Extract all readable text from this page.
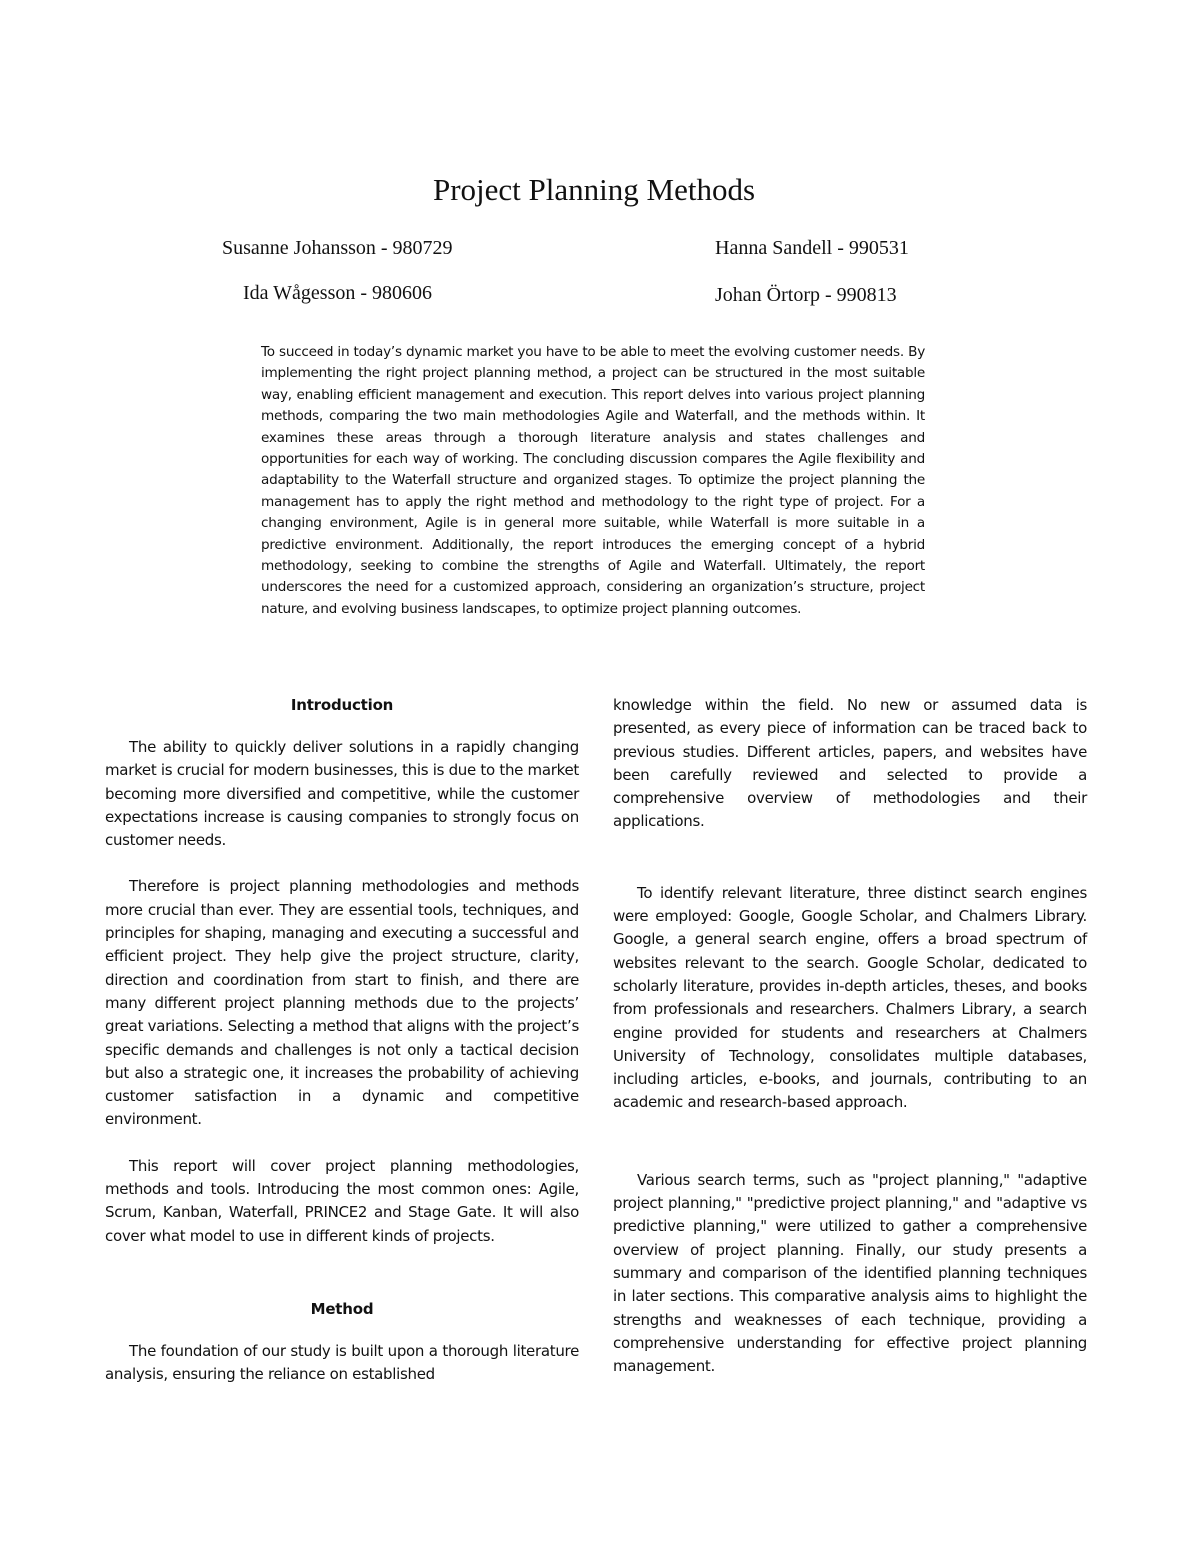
Project Planning Methods
Susanne Johansson - 980729	Hanna Sandell - 990531
Ida Wågesson - 980606	Johan Örtorp - 990813

To succeed in today’s dynamic market you have to be able to meet the evolving customer needs. By implementing the right project planning method, a project can be structured in the most suitable way, enabling efficient management and execution. This report delves into various project planning methods, comparing the two main methodologies Agile and Waterfall, and the methods within. It examines these areas through a thorough literature analysis and states challenges and opportunities for each way of working. The concluding discussion compares the Agile flexibility and adaptability to the Waterfall structure and organized stages. To optimize the project planning the management has to apply the right method and methodology to the right type of project. For a changing environment, Agile is in general more suitable, while Waterfall is more suitable in a predictive environment. Additionally, the report introduces the emerging concept of a hybrid methodology, seeking to combine the strengths of Agile and Waterfall. Ultimately, the report underscores the need for a customized approach, considering an organization’s structure, project nature, and evolving business landscapes, to optimize project planning outcomes.

Introduction

The ability to quickly deliver solutions in a rapidly changing market is crucial for modern businesses, this is due to the market becoming more diversified and competitive, while the customer expectations increase is causing companies to strongly focus on customer needs.

Therefore is project planning methodologies and methods more crucial than ever. They are essential tools, techniques, and principles for shaping, managing and executing a successful and efficient project. They help give the project structure, clarity, direction and coordination from start to finish, and there are many different project planning methods due to the projects’ great variations. Selecting a method that aligns with the project’s specific demands and challenges is not only a tactical decision but also a strategic one, it increases the probability of achieving customer satisfaction in a dynamic and competitive environment.

This report will cover project planning methodologies, methods and tools. Introducing the most common ones: Agile, Scrum, Kanban, Waterfall, PRINCE2 and Stage Gate. It will also cover what model to use in different kinds of projects.

Method

The foundation of our study is built upon a thorough literature analysis, ensuring the reliance on established

knowledge within the field. No new or assumed data is presented, as every piece of information can be traced back to previous studies. Different articles, papers, and websites have been carefully reviewed and selected to provide a comprehensive overview of methodologies and their applications.

To identify relevant literature, three distinct search engines were employed: Google, Google Scholar, and Chalmers Library. Google, a general search engine, offers a broad spectrum of websites relevant to the search. Google Scholar, dedicated to scholarly literature, provides in-depth articles, theses, and books from professionals and researchers. Chalmers Library, a search engine provided for students and researchers at Chalmers University of Technology, consolidates multiple databases, including articles, e-books, and journals, contributing to an academic and research-based approach.

Various search terms, such as "project planning," "adaptive project planning," "predictive project planning," and "adaptive vs predictive planning," were utilized to gather a comprehensive overview of project planning. Finally, our study presents a summary and comparison of the identified planning techniques in later sections. This comparative analysis aims to highlight the strengths and weaknesses of each technique, providing a comprehensive understanding for effective project planning management.
